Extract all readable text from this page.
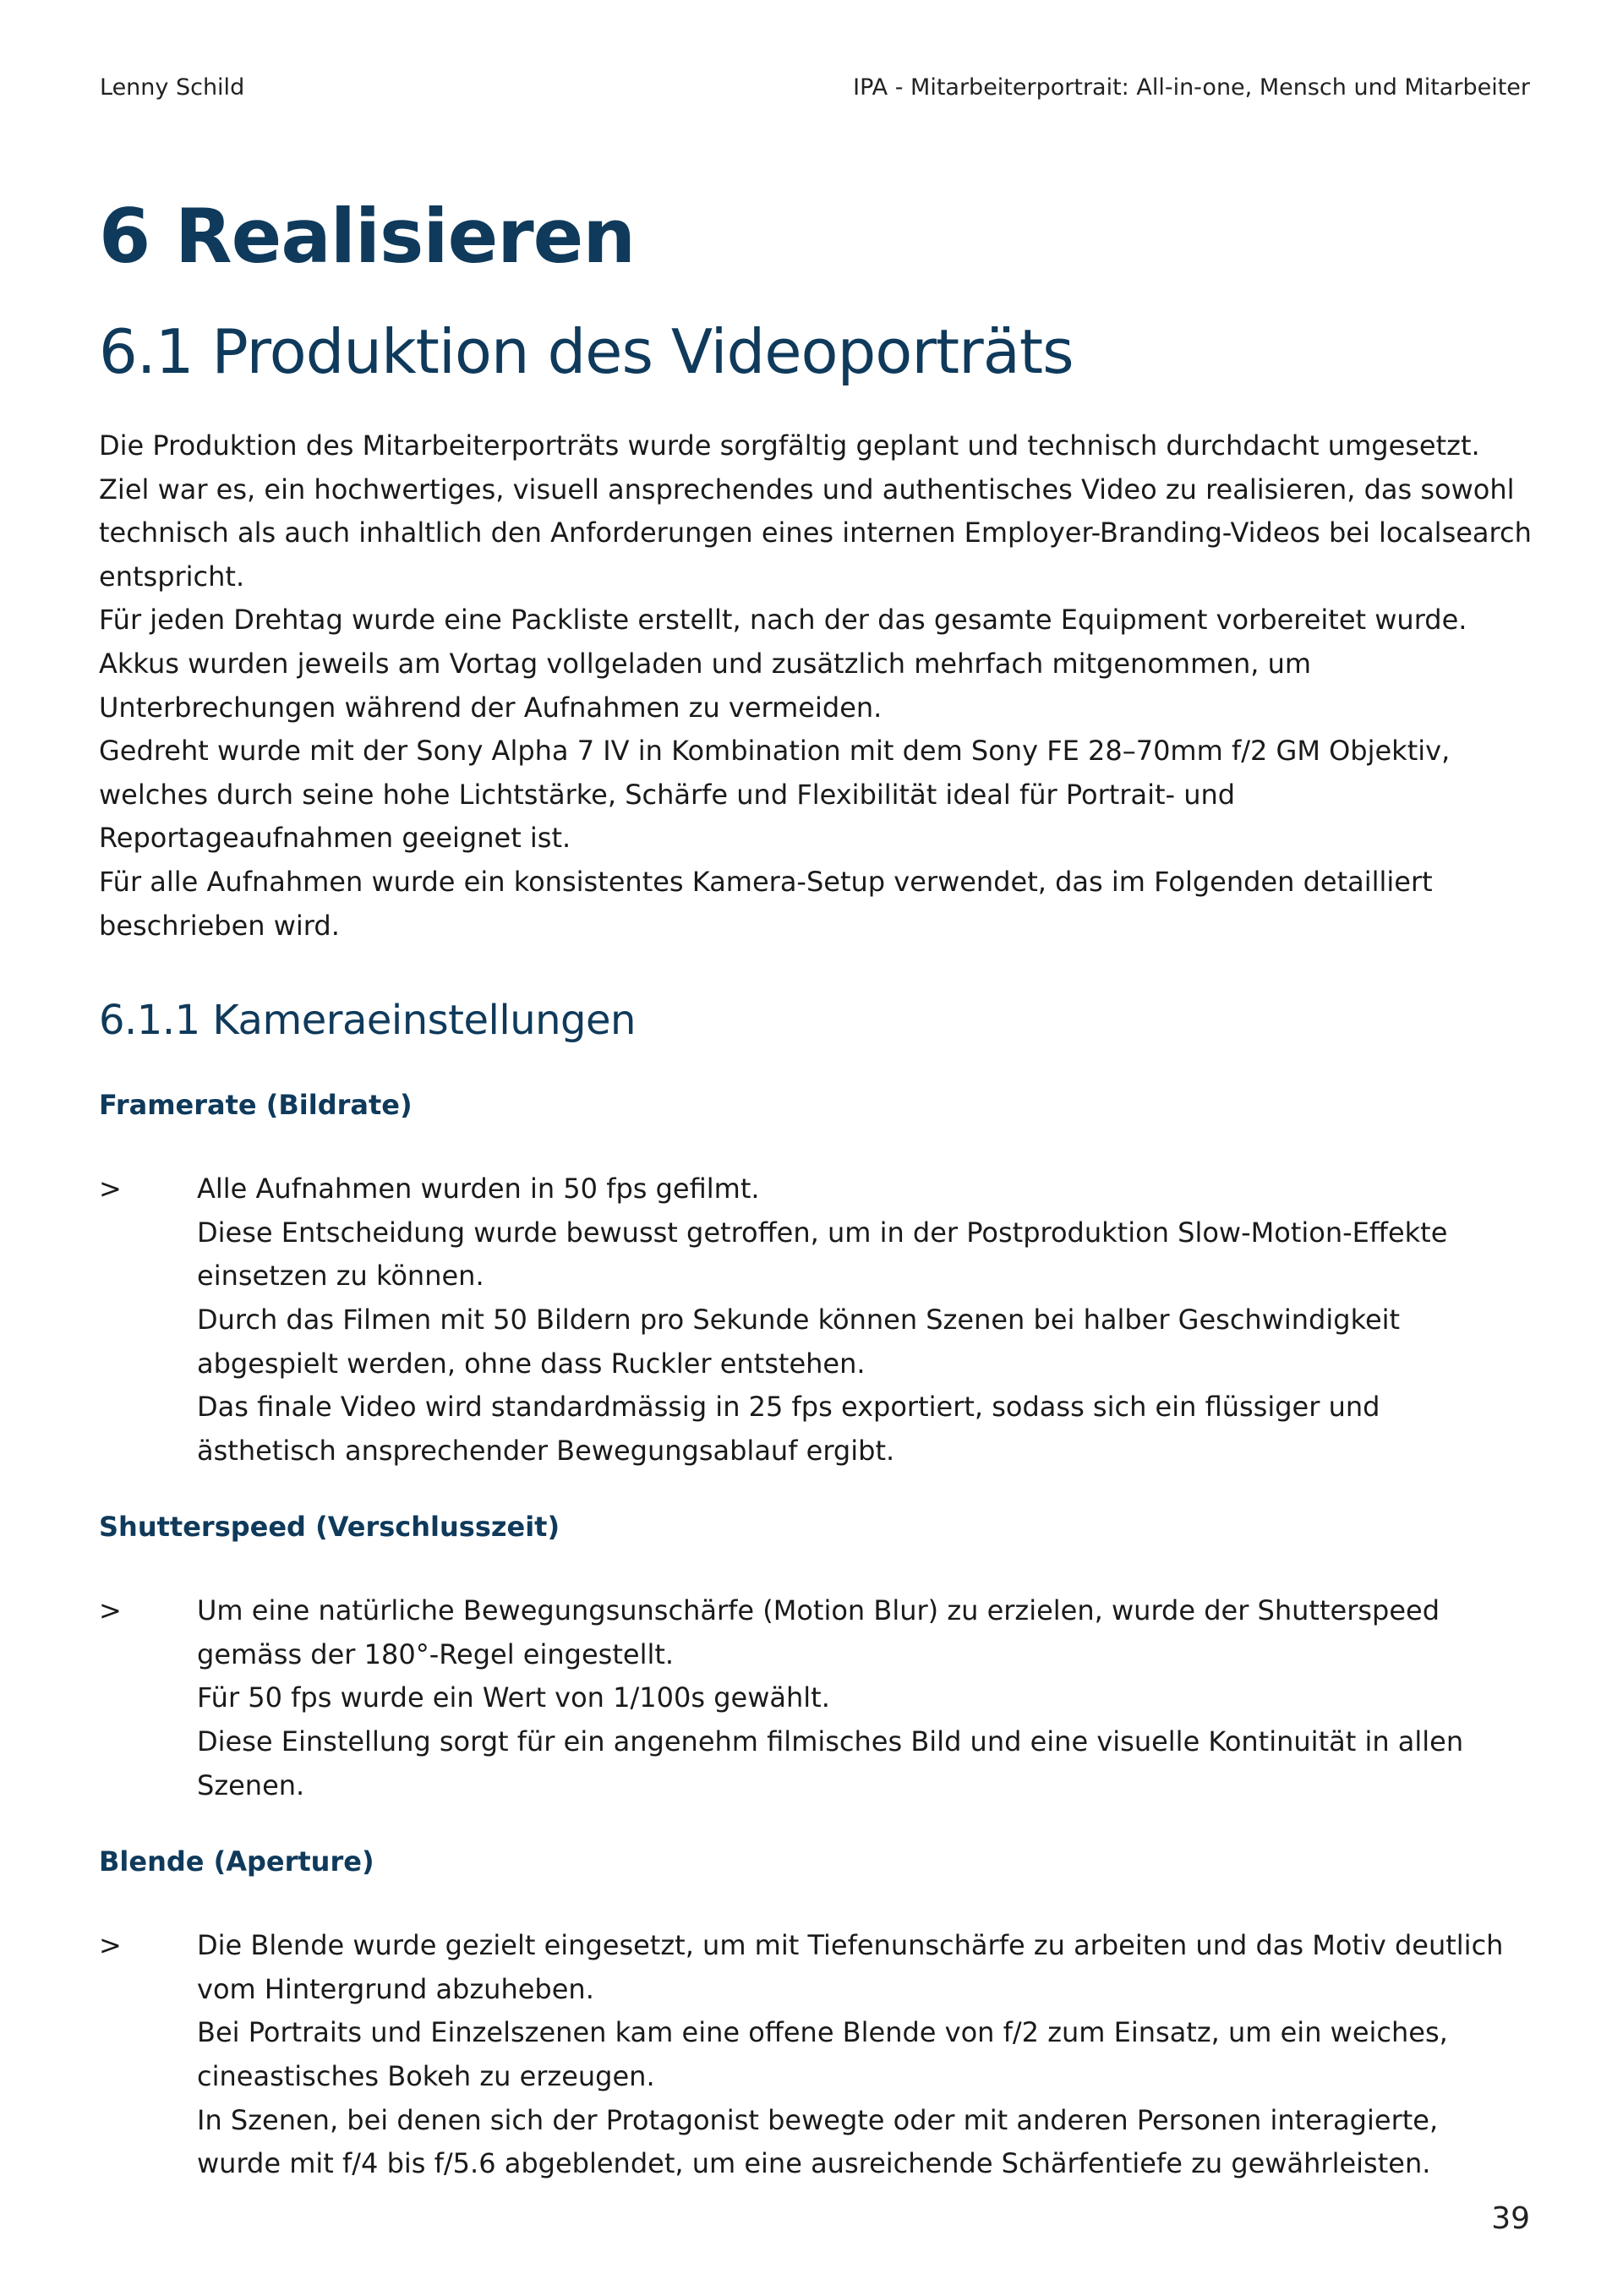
Lenny Schild	IPA - Mitarbeiterportrait: All-in-one, Mensch und Mitarbeiter
6 Realisieren
6.1 Produktion des Videoporträts

Die Produktion des Mitarbeiterporträts wurde sorgfältig geplant und technisch durchdacht umgesetzt.

Ziel war es, ein hochwertiges, visuell ansprechendes und authentisches Video zu realisieren, das sowohl technisch als auch inhaltlich den Anforderungen eines internen Employer-Branding-Videos bei localsearch entspricht.

Für jeden Drehtag wurde eine Packliste erstellt, nach der das gesamte Equipment vorbereitet wurde.

Akkus wurden jeweils am Vortag vollgeladen und zusätzlich mehrfach mitgenommen, um Unterbrechungen während der Aufnahmen zu vermeiden.

Gedreht wurde mit der Sony Alpha 7 IV in Kombination mit dem Sony FE 28–70mm f/2 GM Objektiv, welches durch seine hohe Lichtstärke, Schärfe und Flexibilität ideal für Portrait- und Reportageaufnahmen geeignet ist.

Für alle Aufnahmen wurde ein konsistentes Kamera-Setup verwendet, das im Folgenden detailliert beschrieben wird.

6.1.1 Kameraeinstellungen
Framerate (Bildrate)
>	Alle Aufnahmen wurden in 50 fps gefilmt.

Diese Entscheidung wurde bewusst getroffen, um in der Postproduktion Slow-Motion-Effekte einsetzen zu können.

Durch das Filmen mit 50 Bildern pro Sekunde können Szenen bei halber Geschwindigkeit abgespielt werden, ohne dass Ruckler entstehen.

Das finale Video wird standardmässig in 25 fps exportiert, sodass sich ein flüssiger und ästhetisch ansprechender Bewegungsablauf ergibt.

Shutterspeed (Verschlusszeit)
>	Um eine natürliche Bewegungsunschärfe (Motion Blur) zu erzielen, wurde der Shutterspeed gemäss der 180°-Regel eingestellt.

Für 50 fps wurde ein Wert von 1/100s gewählt.

Diese Einstellung sorgt für ein angenehm filmisches Bild und eine visuelle Kontinuität in allen Szenen.

Blende (Aperture)
>	Die Blende wurde gezielt eingesetzt, um mit Tiefenunschärfe zu arbeiten und das Motiv deutlich vom Hintergrund abzuheben.

Bei Portraits und Einzelszenen kam eine offene Blende von f/2 zum Einsatz, um ein weiches, cineastisches Bokeh zu erzeugen.

In Szenen, bei denen sich der Protagonist bewegte oder mit anderen Personen interagierte, wurde mit f/4 bis f/5.6 abgeblendet, um eine ausreichende Schärfentiefe zu gewährleisten.

39
